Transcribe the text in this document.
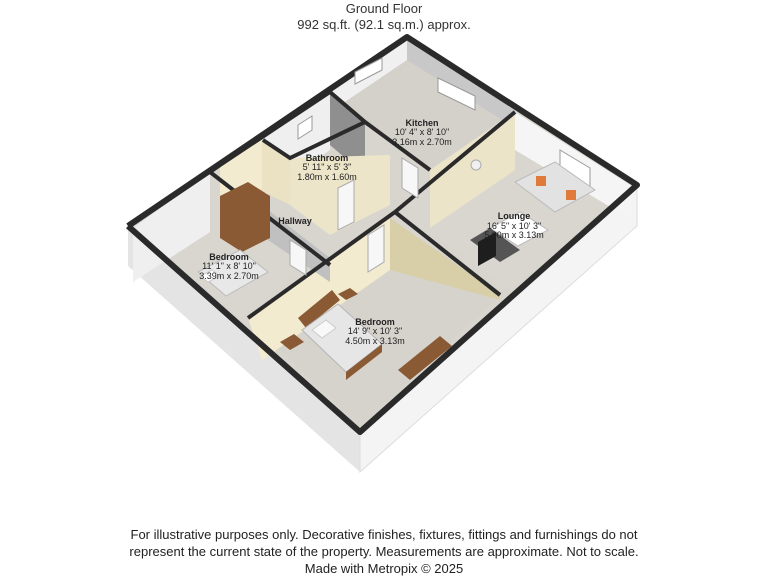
Ground Floor
992 sq.ft. (92.1 sq.m.) approx.
Kitchen
10' 4" x 8' 10"
3.16m x 2.70m
Bathroom
5' 11" x 5' 3"
1.80m x 1.60m
Lounge
16' 5" x 10' 3"
5.00m x 3.13m
Hallway
Bedroom
11' 1" x 8' 10"
3.39m x 2.70m
Bedroom
14' 9" x 10' 3"
4.50m x 3.13m
For illustrative purposes only. Decorative finishes, fixtures, fittings and furnishings do not
represent the current state of the property. Measurements are approximate. Not to scale.
Made with Metropix © 2025
